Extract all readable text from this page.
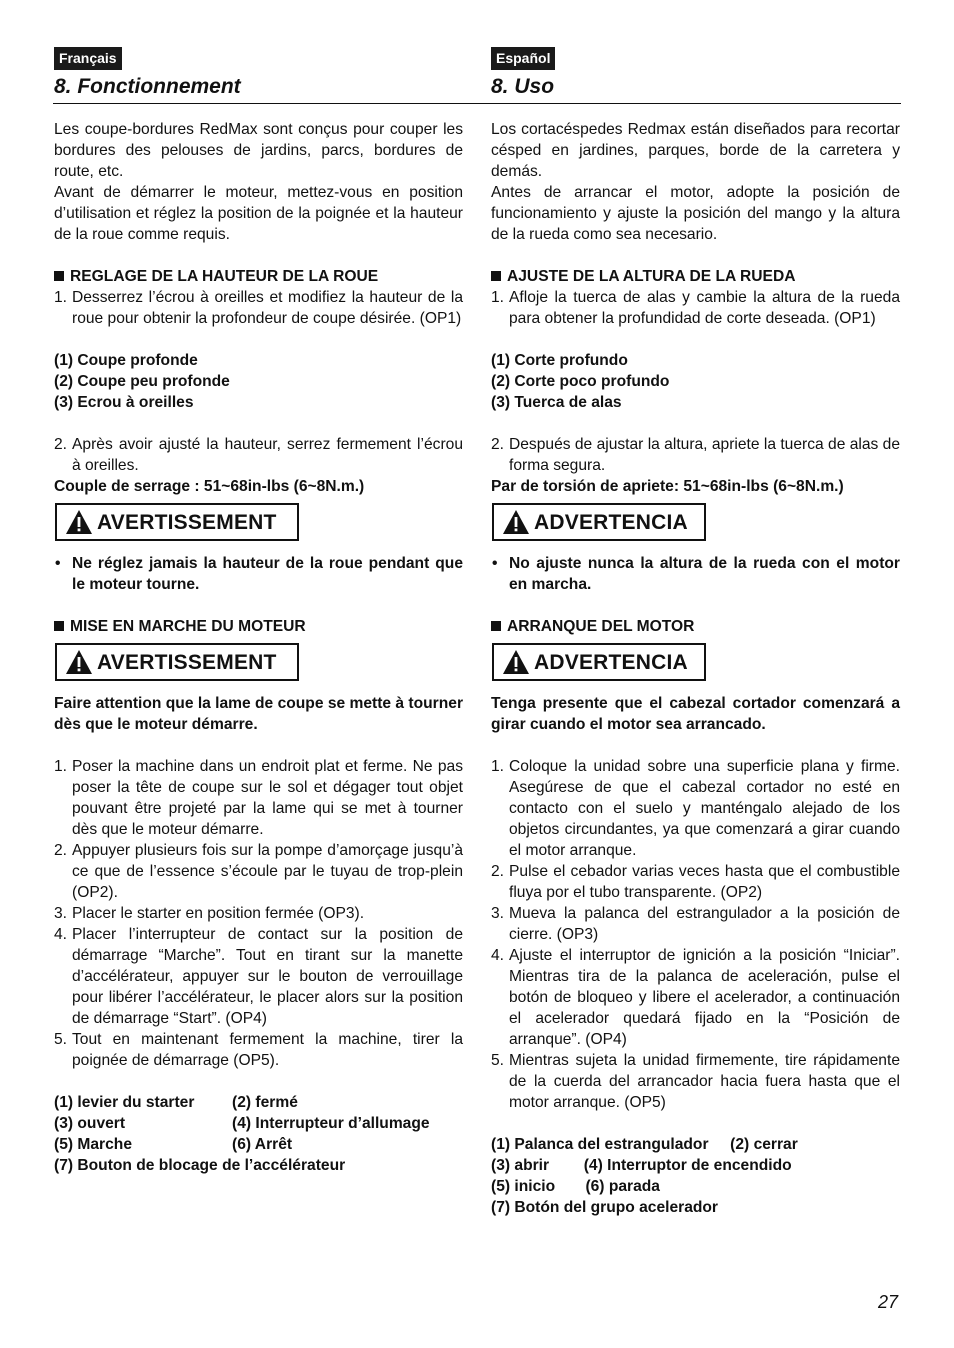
Français
8. Fonctionnement

Les coupe-bordures RedMax sont conçus pour couper les bordures des pelouses de jardins, parcs, bordures de route, etc.

Avant de démarrer le moteur, mettez-vous en position d’utilisation et réglez la position de la poignée et la hauteur de la roue comme requis.

REGLAGE DE LA HAUTEUR DE LA ROUE
1. Desserrez l’écrou à oreilles et modifiez la hauteur de la roue pour obtenir la profondeur de coupe désirée. (OP1)
(1) Coupe profonde
(2) Coupe peu profonde
(3) Ecrou à oreilles
2. Après avoir ajusté la hauteur, serrez fermement l’écrou à oreilles.
Couple de serrage : 51~68in-lbs (6~8N.m.)
AVERTISSEMENT
• Ne réglez jamais la hauteur de la roue pendant que le moteur tourne.
MISE EN MARCHE DU MOTEUR
AVERTISSEMENT

Faire attention que la lame de coupe se mette à tourner dès que le moteur démarre.

1. Poser la machine dans un endroit plat et ferme. Ne pas poser la tête de coupe sur le sol et dégager tout objet pouvant être projeté par la lame qui se met à tourner dès que le moteur démarre.
2. Appuyer plusieurs fois sur la pompe d’amorçage jusqu’à ce que de l’essence s’écoule par le tuyau de trop-plein (OP2).
3. Placer le starter en position fermée (OP3).
4. Placer l’interrupteur de contact sur la position de démarrage “Marche”. Tout en tirant sur la manette d’accélérateur, appuyer sur le bouton de verrouillage pour libérer l’accélérateur, le placer alors sur la position de démarrage “Start”. (OP4)
5. Tout en maintenant fermement la machine, tirer la poignée de démarrage (OP5).
(1) levier du starter	(2) fermé
(3) ouvert	(4) Interrupteur d’allumage
(5) Marche	(6) Arrêt
(7) Bouton de blocage de l’accélérateur
Español
8. Uso

Los cortacéspedes Redmax están diseñados para recortar césped en jardines, parques, borde de la carretera y demás.

Antes de arrancar el motor, adopte la posición de funcionamiento y ajuste la posición del mango y la altura de la rueda como sea necesario.

AJUSTE DE LA ALTURA DE LA RUEDA
1. Afloje la tuerca de alas y cambie la altura de la rueda para obtener la profundidad de corte deseada. (OP1)
(1) Corte profundo
(2) Corte poco profundo
(3) Tuerca de alas
2. Después de ajustar la altura, apriete la tuerca de alas de forma segura.
Par de torsión de apriete: 51~68in-lbs (6~8N.m.)
ADVERTENCIA
• No ajuste nunca la altura de la rueda con el motor en marcha.
ARRANQUE DEL MOTOR
ADVERTENCIA

Tenga presente que el cabezal cortador comenzará a girar cuando el motor sea arrancado.

1. Coloque la unidad sobre una superficie plana y firme. Asegúrese de que el cabezal cortador no esté en contacto con el suelo y manténgalo alejado de los objetos circundantes, ya que comenzará a girar cuando el motor arranque.
2. Pulse el cebador varias veces hasta que el combustible fluya por el tubo transparente. (OP2)
3. Mueva la palanca del estrangulador a la posición de cierre. (OP3)
4. Ajuste el interruptor de ignición a la posición “Iniciar”. Mientras tira de la palanca de aceleración, pulse el botón de bloqueo y libere el acelerador, a continuación el acelerador quedará fijado en la “Posición de arranque”. (OP4)
5. Mientras sujeta la unidad firmemente, tire rápidamente de la cuerda del arrancador hacia fuera hasta que el motor arranque. (OP5)
(1) Palanca del estrangulador     (2) cerrar
(3) abrir        (4) Interruptor de encendido
(5) inicio       (6) parada
(7) Botón del grupo acelerador
27
